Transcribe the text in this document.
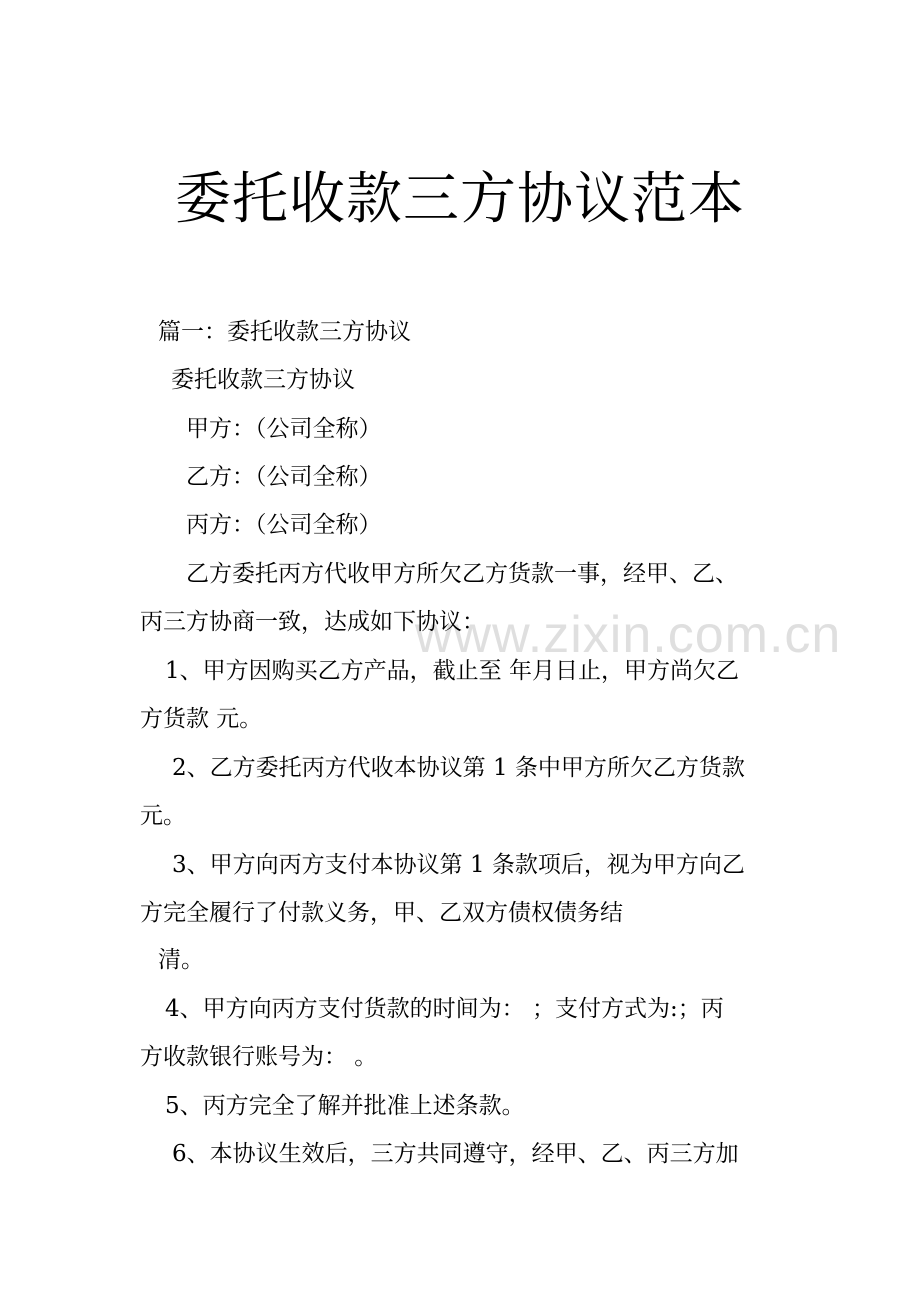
委托收款三方协议范本
www.zixin.com.cn
篇一：委托收款三方协议
委托收款三方协议
甲方：（公司全称）
乙方：（公司全称）
丙方：（公司全称）
乙方委托丙方代收甲方所欠乙方货款一事，经甲、乙、
丙三方协商一致，达成如下协议：
1、甲方因购买乙方产品，截止至 年月日止，甲方尚欠乙
方货款 元。
2、乙方委托丙方代收本协议第 1 条中甲方所欠乙方货款
元。
3、甲方向丙方支付本协议第 1 条款项后，视为甲方向乙
方完全履行了付款义务，甲、乙双方债权债务结
清。
4、甲方向丙方支付货款的时间为： ；支付方式为:；丙
方收款银行账号为： 。
5、丙方完全了解并批准上述条款。
6、本协议生效后，三方共同遵守，经甲、乙、丙三方加
